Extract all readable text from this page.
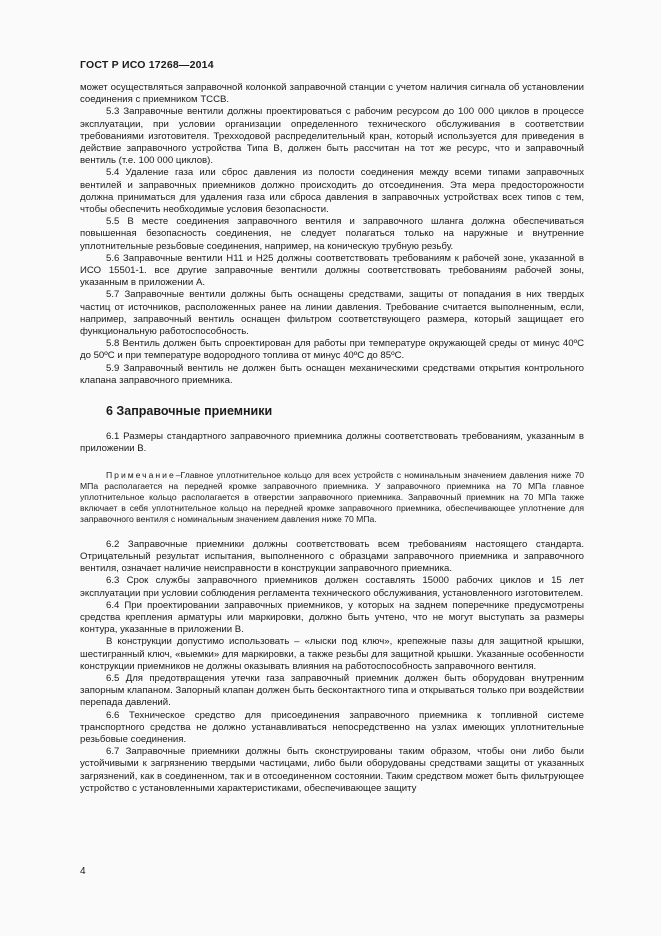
ГОСТ Р ИСО 17268—2014

может осуществляться заправочной колонкой заправочной станции с учетом наличия сигнала об установлении соединения с приемником ТССВ.

5.3 Заправочные вентили должны проектироваться с рабочим ресурсом до 100 000 циклов в процессе эксплуатации, при условии организации определенного технического обслуживания в соответствии требованиями изготовителя. Трехходовой распределительный кран, который используется для приведения в действие заправочного устройства Типа В, должен быть рассчитан на тот же ресурс, что и заправочный вентиль (т.е. 100 000 циклов).

5.4 Удаление газа или сброс давления из полости соединения между всеми типами заправочных вентилей и заправочных приемников должно происходить до отсоединения. Эта мера предосторожности должна приниматься для удаления газа или сброса давления в заправочных устройствах всех типов с тем, чтобы обеспечить необходимые условия безопасности.

5.5 В месте соединения заправочного вентиля и заправочного шланга должна обеспечиваться повышенная безопасность соединения, не следует полагаться только на наружные и внутренние уплотнительные резьбовые соединения, например, на коническую трубную резьбу.

5.6 Заправочные вентили Н11 и Н25 должны соответствовать требованиям к рабочей зоне, указанной в ИСО 15501-1. все другие заправочные вентили должны соответствовать требованиям рабочей зоны, указанным в приложении А.

5.7 Заправочные вентили должны быть оснащены средствами, защиты от попадания в них твердых частиц от источников, расположенных ранее на линии давления. Требование считается выполненным, если, например, заправочный вентиль оснащен фильтром соответствующего размера, который защищает его функциональную работоспособность.

5.8 Вентиль должен быть спроектирован для работы при температуре окружающей среды от минус 40ºС до 50ºС и при температуре водородного топлива от минус 40ºС до 85ºС.

5.9 Заправочный вентиль не должен быть оснащен механическими средствами открытия контрольного клапана заправочного приемника.

6 Заправочные приемники

6.1 Размеры стандартного заправочного приемника должны соответствовать требованиям, указанным в приложении В.

Примечание–Главное уплотнительное кольцо для всех устройств с номинальным значением давления ниже 70 МПа располагается на передней кромке заправочного приемника. У заправочного приемника на 70 МПа главное уплотнительное кольцо располагается в отверстии заправочного приемника. Заправочный приемник на 70 МПа также включает в себя уплотнительное кольцо на передней кромке заправочного приемника, обеспечивающее уплотнение для заправочного вентиля с номинальным значением давления ниже 70 МПа.

6.2 Заправочные приемники должны соответствовать всем требованиям настоящего стандарта. Отрицательный результат испытания, выполненного с образцами заправочного приемника и заправочного вентиля, означает наличие неисправности в конструкции заправочного приемника.

6.3 Срок службы заправочного приемников должен составлять 15000 рабочих циклов и 15 лет эксплуатации при условии соблюдения регламента технического обслуживания, установленного изготовителем.

6.4 При проектировании заправочных приемников, у которых на заднем поперечнике предусмотрены средства крепления арматуры или маркировки, должно быть учтено, что не могут выступать за размеры контура, указанные в приложении В.

В конструкции допустимо использовать – «лыски под ключ», крепежные пазы для защитной крышки, шестигранный ключ, «выемки» для маркировки, а также резьбы для защитной крышки. Указанные особенности конструкции приемников не должны оказывать влияния на работоспособность заправочного вентиля.

6.5 Для предотвращения утечки газа заправочный приемник должен быть оборудован внутренним запорным клапаном. Запорный клапан должен быть бесконтактного типа и открываться только при воздействии перепада давлений.

6.6 Техническое средство для присоединения заправочного приемника к топливной системе транспортного средства не должно устанавливаться непосредственно на узлах имеющих уплотнительные резьбовые соединения.

6.7 Заправочные приемники должны быть сконструированы таким образом, чтобы они либо были устойчивыми к загрязнению твердыми частицами, либо были оборудованы средствами защиты от указанных загрязнений, как в соединенном, так и в отсоединенном состоянии. Таким средством может быть фильтрующее устройство с установленными характеристиками, обеспечивающее защиту

4
